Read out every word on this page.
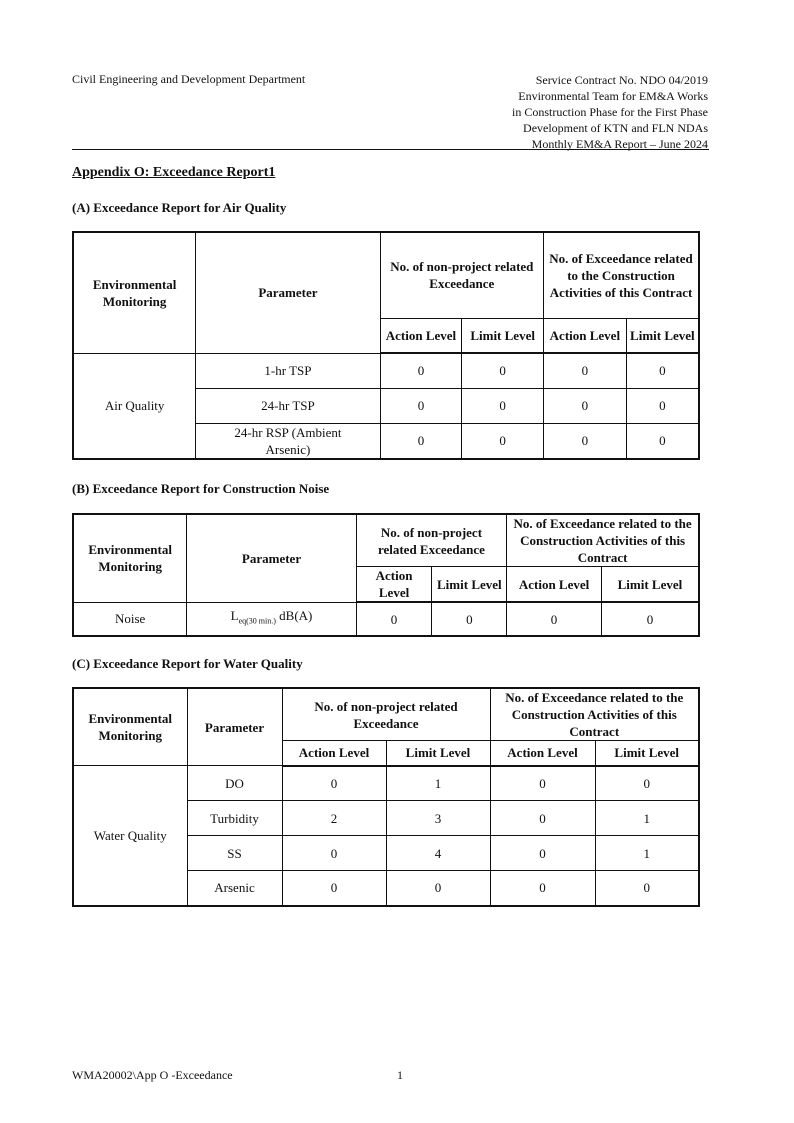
Civil Engineering and Development Department	Service Contract No. NDO 04/2019
Environmental Team for EM&A Works
in Construction Phase for the First Phase
Development of KTN and FLN NDAs
Monthly EM&A Report – June 2024
Appendix O: Exceedance Report1
(A) Exceedance Report for Air Quality
Environmental Monitoring	Parameter	No. of non-project related Exceedance		No. of Exceedance related to the Construction Activities of this Contract	
		Action Level	Limit Level	Action Level	Limit Level
Air Quality	1-hr TSP	0	0	0	0
	24-hr TSP	0	0	0	0
	24-hr RSP (Ambient Arsenic)	0	0	0	0
(B) Exceedance Report for Construction Noise
Environmental Monitoring	Parameter	No. of non-project related Exceedance		No. of Exceedance related to the Construction Activities of this Contract	
		Action Level	Limit Level	Action Level	Limit Level
Noise	$L_{eq(30 min.)}$ dB(A)	0	0	0	0
(C) Exceedance Report for Water Quality
Environmental Monitoring	Parameter	No. of non-project related Exceedance		No. of Exceedance related to the Construction Activities of this Contract	
		Action Level	Limit Level	Action Level	Limit Level
Water Quality	DO	0	1	0	0
	Turbidity	2	3	0	1
	SS	0	4	0	1
	Arsenic	0	0	0	0
WMA20002\App O -Exceedance	1
